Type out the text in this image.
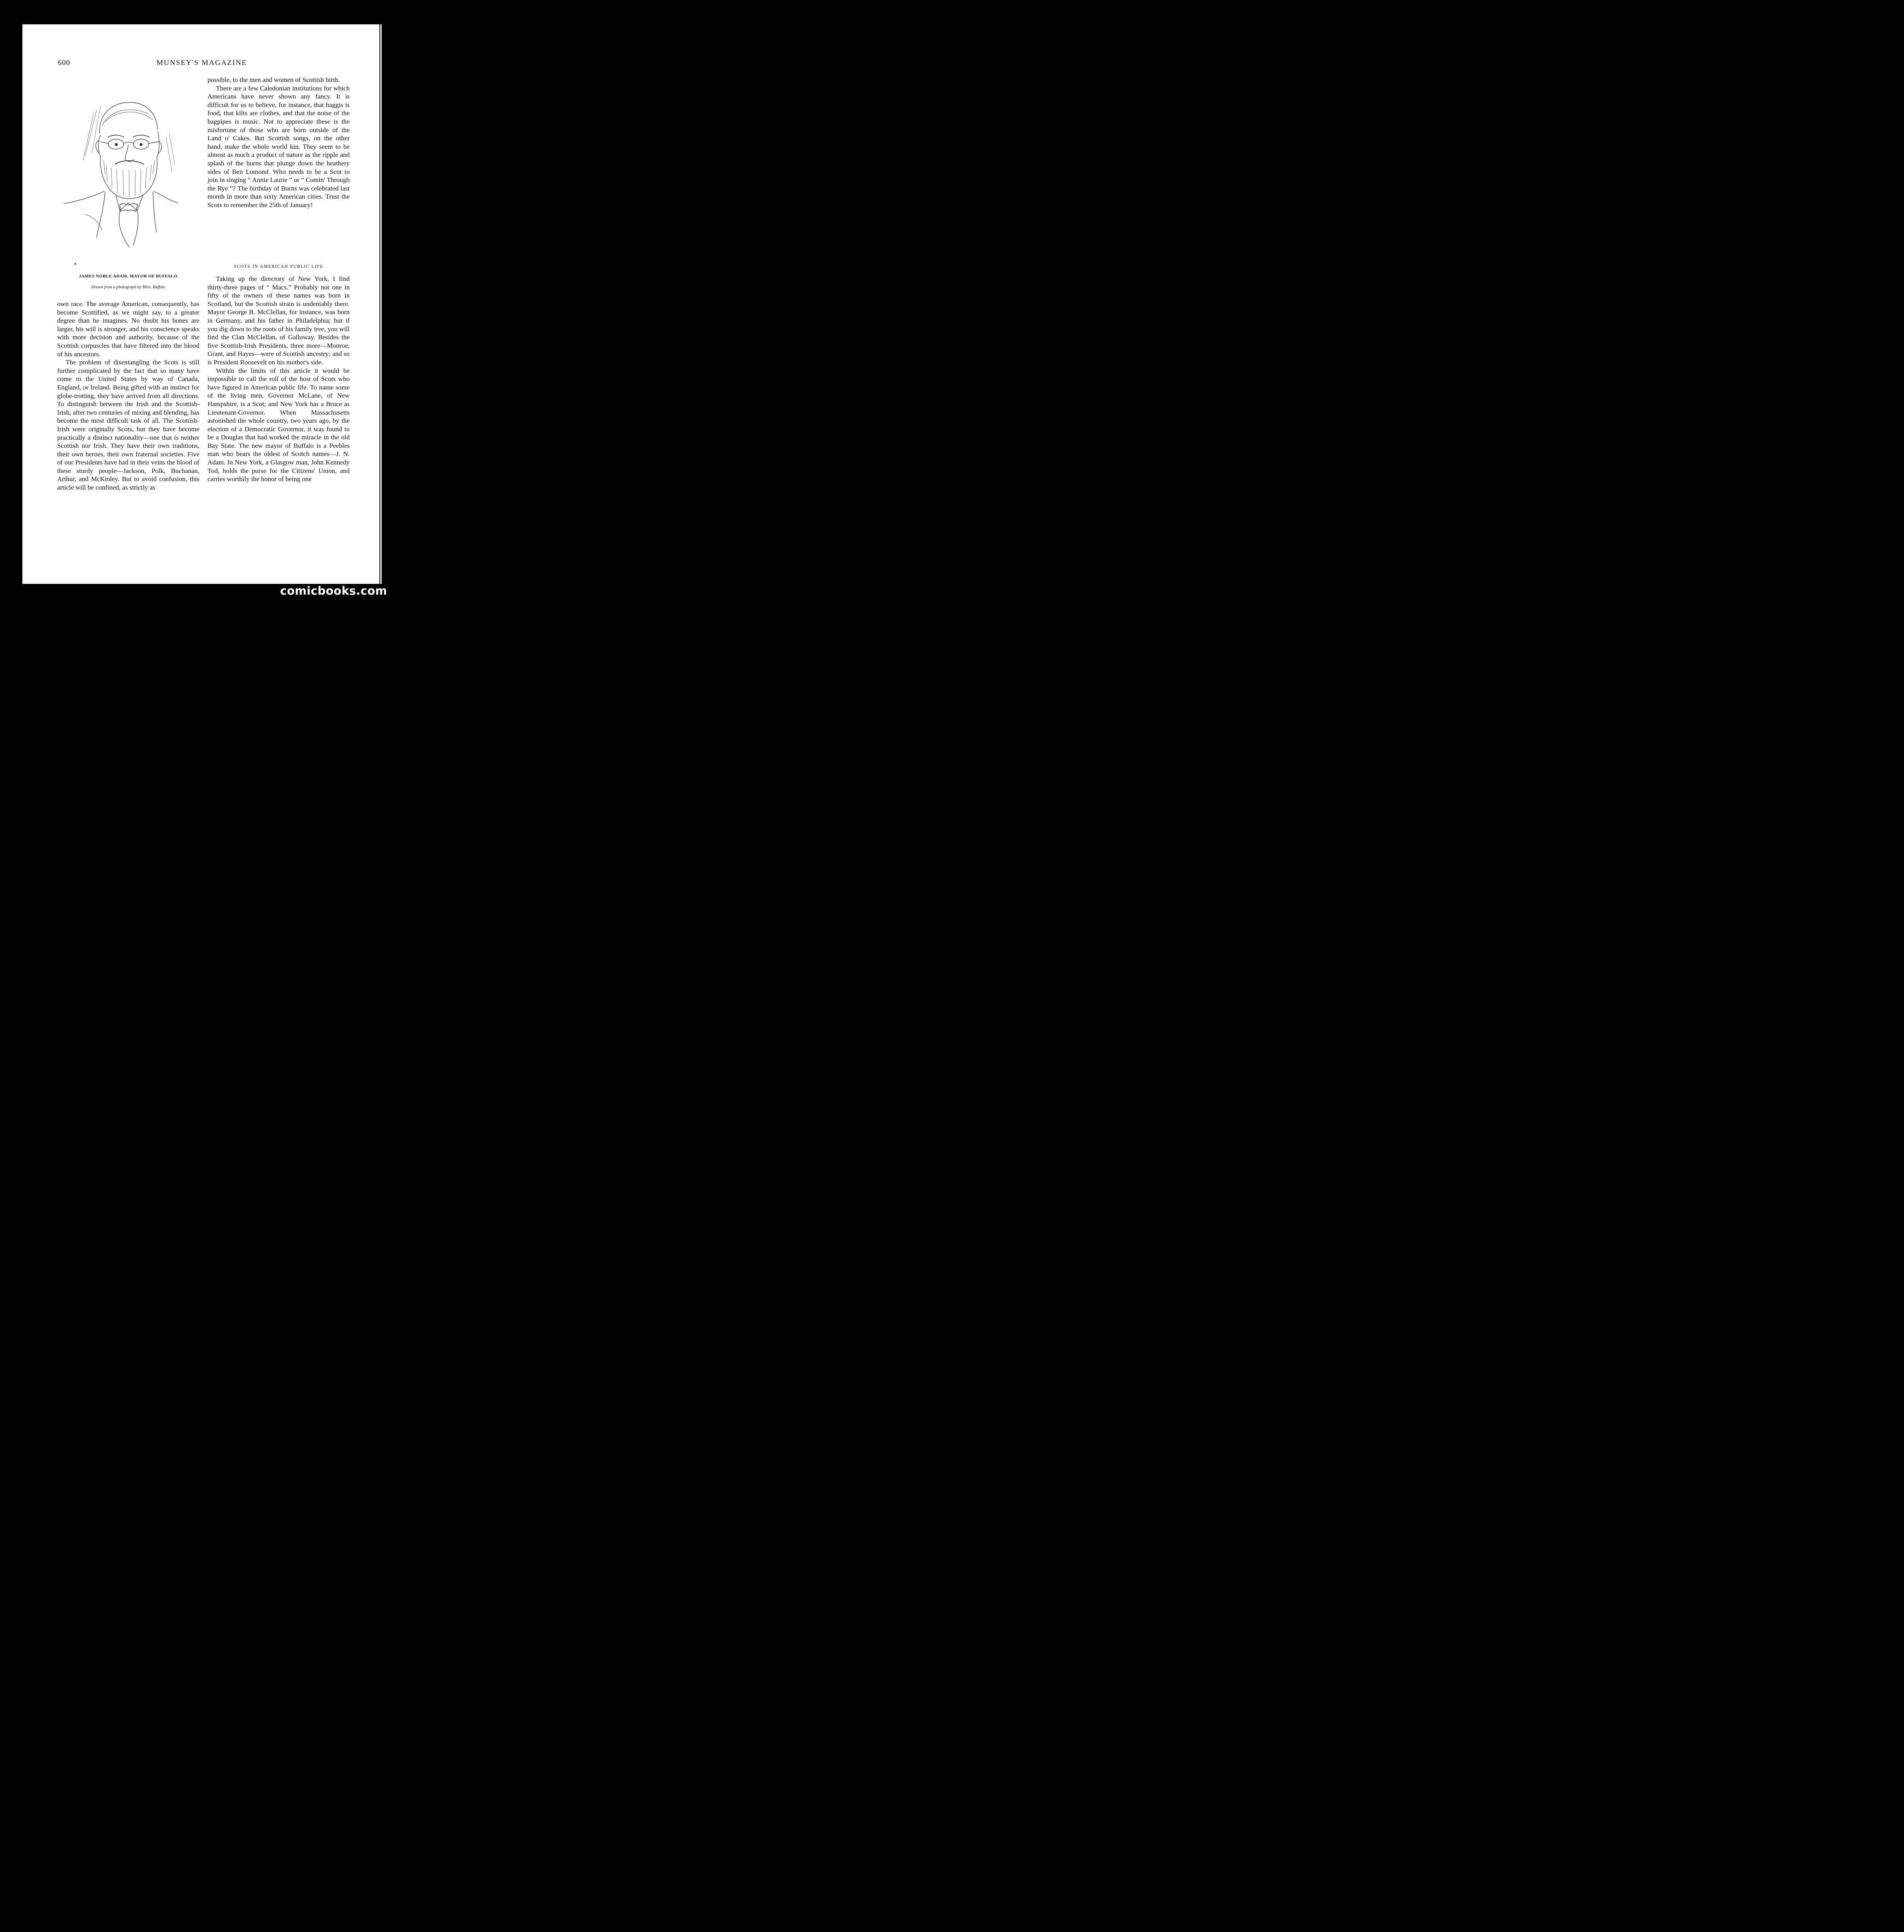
600	MUNSEY'S MAGAZINE
JAMES NOBLE ADAM, MAYOR OF BUFFALO
Drawn from a photograph by Bliss, Buffalo

own race. The average American, consequently, has become Scottified, as we might say, to a greater degree than he imagines. No doubt his bones are larger, his will is stronger, and his conscience speaks with more decision and authority, because of the Scottish corpuscles that have filtered into the blood of his ancestors.

The problem of disentangling the Scots is still further complicated by the fact that so many have come to the United States by way of Canada, England, or Ireland. Being gifted with an instinct for globe-trotting, they have arrived from all directions. To distinguish between the Irish and the Scottish-Irish, after two centuries of mixing and blending, has become the most difficult task of all. The Scottish-Irish were originally Scots, but they have become practically a distinct nationality—one that is neither Scottish nor Irish. They have their own traditions, their own heroes, their own fraternal societies. Five of our Presidents have had in their veins the blood of these sturdy people—Jackson, Polk, Buchanan, Arthur, and McKinley. But to avoid confusion, this article will be confined, as strictly as

possible, to the men and women of Scottish birth.

There are a few Caledonian institutions for which Americans have never shown any fancy. It is difficult for us to believe, for instance, that haggis is food, that kilts are clothes, and that the noise of the bagpipes is music. Not to appreciate these is the misfortune of those who are born outside of the Land o' Cakes. But Scottish songs, on the other hand, make the whole world kin. They seem to be almost as much a product of nature as the ripple and splash of the burns that plunge down the heathery sides of Ben Lomond. Who needs to be a Scot to join in singing “ Annie Laurie ” or “ Comin' Through the Rye ”? The birthday of Burns was celebrated last month in more than sixty American cities. Trust the Scots to remember the 25th of January!

SCOTS IN AMERICAN PUBLIC LIFE

Taking up the directory of New York, I find thirty-three pages of “ Macs.” Probably not one in fifty of the owners of these names was born in Scotland, but the Scottish strain is undeniably there. Mayor George B. McClellan, for instance, was born in Germany, and his father in Philadelphia; but if you dig down to the roots of his family tree, you will find the Clan McClellan, of Galloway. Besides the five Scottish-Irish Presidents, three more—Monroe, Grant, and Hayes—were of Scottish ancestry; and so is President Roosevelt on his mother's side.

Within the limits of this article it would be impossible to call the roll of the host of Scots who have figured in American public life. To name some of the living men, Governor McLane, of New Hampshire, is a Scot; and New York has a Bruce as Lieutenant-Governor. When Massachusetts astonished the whole country, two years ago, by the election of a Democratic Governor, it was found to be a Douglas that had worked the miracle in the old Bay State. The new mayor of Buffalo is a Peebles man who bears the oldest of Scotch names—J. N. Adam. In New York, a Glasgow man, John Kennedy Tod, holds the purse for the Citizens' Union, and carries worthily the honor of being one

comicbooks.com
